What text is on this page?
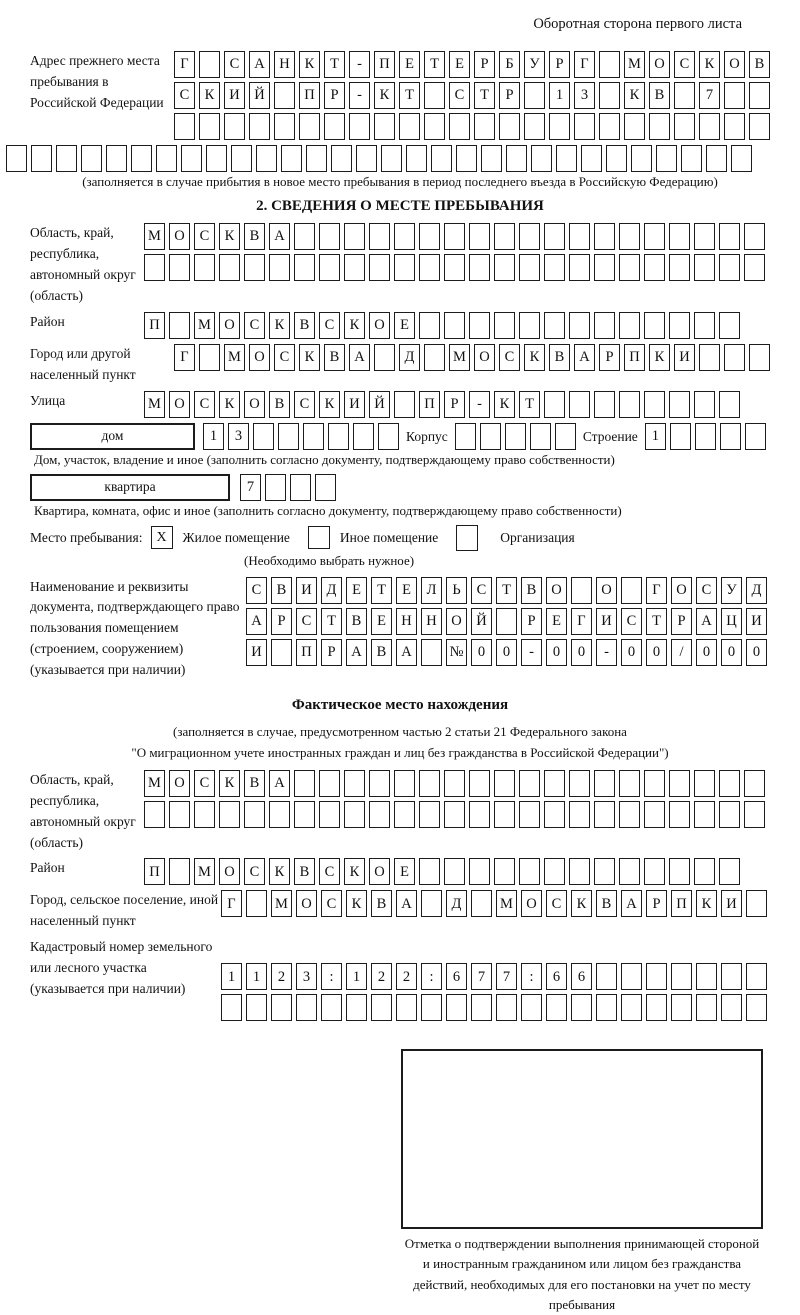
Оборотная сторона первого листа
Адрес прежнего места пребывания в Российской Федерации
Г	С	А	Н	К	Т	-	П	Е	Т	Е	Р	Б	У	Р	Г	М О	С	К	О	В
С	К	И	Й	П	Р	-	К	Т	С	Т	Р	1	3	К	В	7
(заполняется в случае прибытия в новое место пребывания в период последнего въезда в Российскую Федерацию)
2. СВЕДЕНИЯ О МЕСТЕ ПРЕБЫВАНИЯ
Область, край, республика, автономный округ (область)
М О	С	К	В	А
Район	П	М О	С	К	В	С	К	О	Е
Город или другой населенный пункт
Г	М О	С	К	В	А	Д	М О	С	К	В	А	Р	П	К	И
Улица	М О	С	К	О	В	С	К	И	Й	П	Р	-	К	Т
дом	1	3	Корпус	Строение 1
Дом, участок, владение и иное (заполнить согласно документу, подтверждающему право собственности)
квартира	7
Квартира, комната, офис и иное (заполнить согласно документу, подтверждающему право собственности)
Место пребывания: X	Жилое помещение	Иное помещение	Организация
(Необходимо выбрать нужное)
Наименование и реквизиты документа, подтверждающего право пользования помещением (строением, сооружением) (указывается при наличии)
С	В	И	Д	Е	Т	Е	Л	Ь	С	Т	В	О	О	Г	О	С	У	Д
А	Р	С	Т	В	Е	Н	Н	О	Й	Р	Е	Г	И	С	Т	Р	А	Ц	И
И	П	Р	А	В	А	№ 0	0	-	0	0	-	0	0	/	0	0	0
Фактическое место нахождения
(заполняется в случае, предусмотренном частью 2 статьи 21 Федерального закона
"О миграционном учете иностранных граждан и лиц без гражданства в Российской Федерации")
Область, край, республика, автономный округ (область)
М О	С	К	В	А
Район	П	М О	С	К	В	С	К	О	Е
Город, сельское поселение, иной населенный пункт
Г	М О	С	К	В	А	Д	М О	С	К	В	А	Р	П	К	И
Кадастровый номер земельного или лесного участка (указывается при наличии)
1	1	2	3	:	1	2	2	:	6	7	7	:	6	6
Отметка о подтверждении выполнения принимающей стороной и иностранным гражданином или лицом без гражданства действий, необходимых для его постановки на учет по месту пребывания
